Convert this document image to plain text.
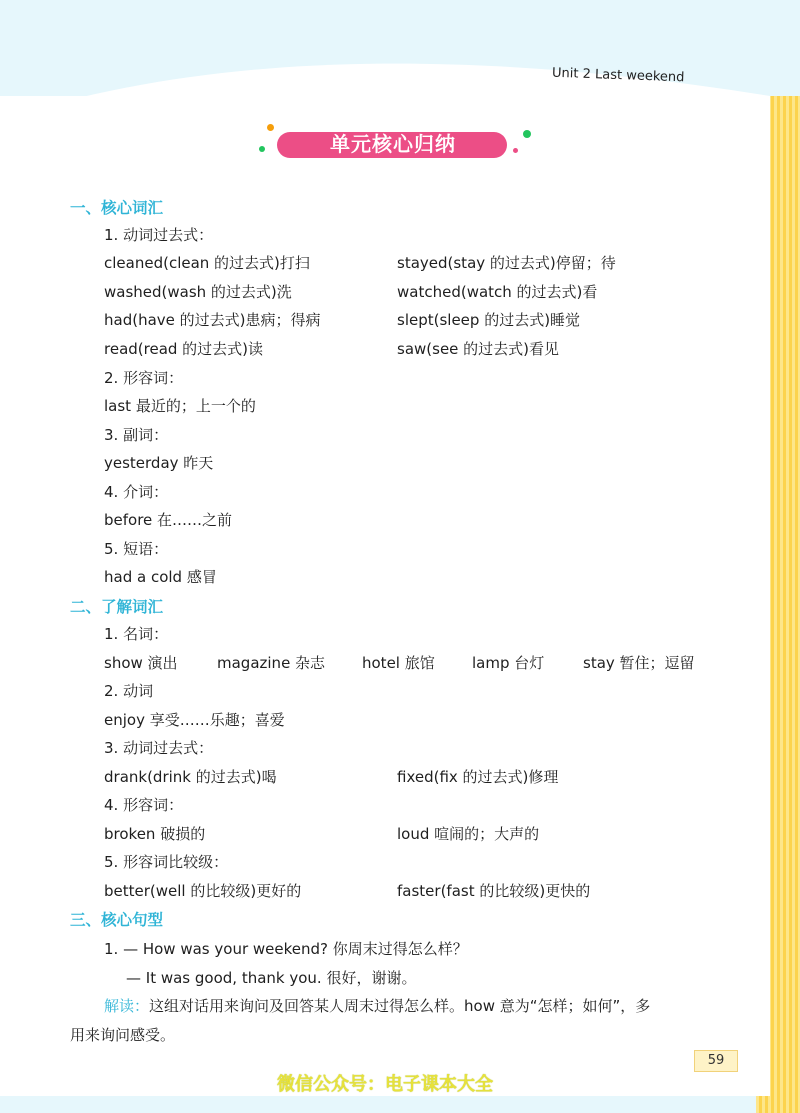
Unit 2 Last weekend
单元核心归纳
一、核心词汇
1. 动词过去式：
cleaned(clean 的过去式)打扫	stayed(stay 的过去式)停留；待
washed(wash 的过去式)洗	watched(watch 的过去式)看
had(have 的过去式)患病；得病	slept(sleep 的过去式)睡觉
read(read 的过去式)读	saw(see 的过去式)看见
2. 形容词：
last 最近的；上一个的
3. 副词：
yesterday 昨天
4. 介词：
before 在……之前
5. 短语：
had a cold 感冒
二、了解词汇
1. 名词：
show 演出	magazine 杂志 hotel 旅馆 lamp 台灯	stay 暂住；逗留
2. 动词
enjoy 享受……乐趣；喜爱
3. 动词过去式：
drank(drink 的过去式)喝	fixed(fix 的过去式)修理
4. 形容词：
broken 破损的	loud 喧闹的；大声的
5. 形容词比较级：
better(well 的比较级)更好的	faster(fast 的比较级)更快的
三、核心句型
1. — How was your weekend? 你周末过得怎么样？
— It was good, thank you. 很好，谢谢。
解读：这组对话用来询问及回答某人周末过得怎么样。how 意为“怎样；如何”，多
用来询问感受。
59
微信公众号：电子课本大全
